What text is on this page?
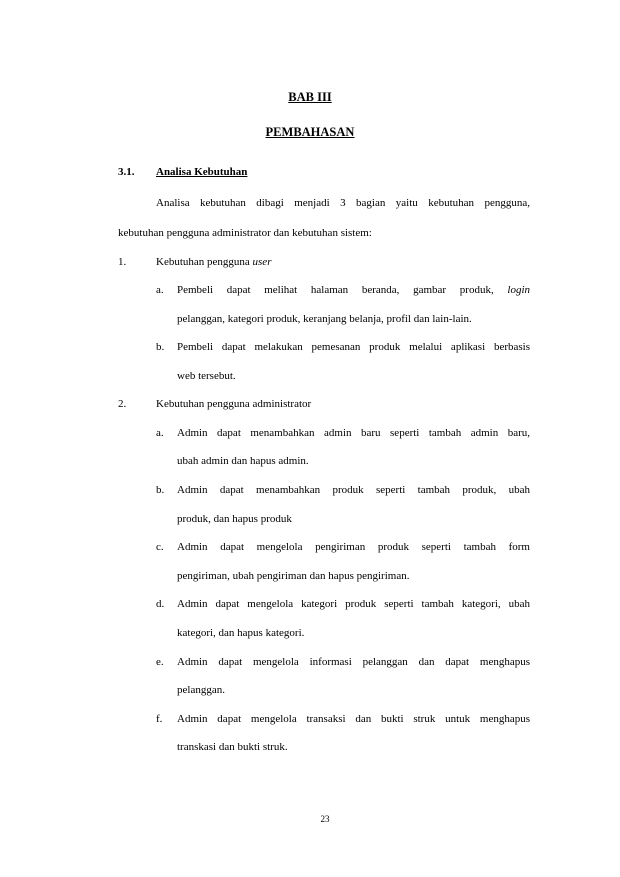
BAB III
PEMBAHASAN
3.1. Analisa Kebutuhan
Analisa kebutuhan dibagi menjadi 3 bagian yaitu kebutuhan pengguna,
kebutuhan pengguna administrator dan kebutuhan sistem:
1.	Kebutuhan pengguna user
a. Pembeli dapat melihat halaman beranda, gambar produk, login
pelanggan, kategori produk, keranjang belanja, profil dan lain-lain.
b. Pembeli dapat melakukan pemesanan produk melalui aplikasi berbasis
web tersebut.
2.	Kebutuhan pengguna administrator
a. Admin dapat menambahkan admin baru seperti tambah admin baru,
ubah admin dan hapus admin.
b. Admin dapat menambahkan produk seperti tambah produk, ubah
produk, dan hapus produk
c. Admin dapat mengelola pengiriman produk seperti tambah form
pengiriman, ubah pengiriman dan hapus pengiriman.
d. Admin dapat mengelola kategori produk seperti tambah kategori, ubah
kategori, dan hapus kategori.
e. Admin dapat mengelola informasi pelanggan dan dapat menghapus
pelanggan.
f. Admin dapat mengelola transaksi dan bukti struk untuk menghapus
transkasi dan bukti struk.
23
